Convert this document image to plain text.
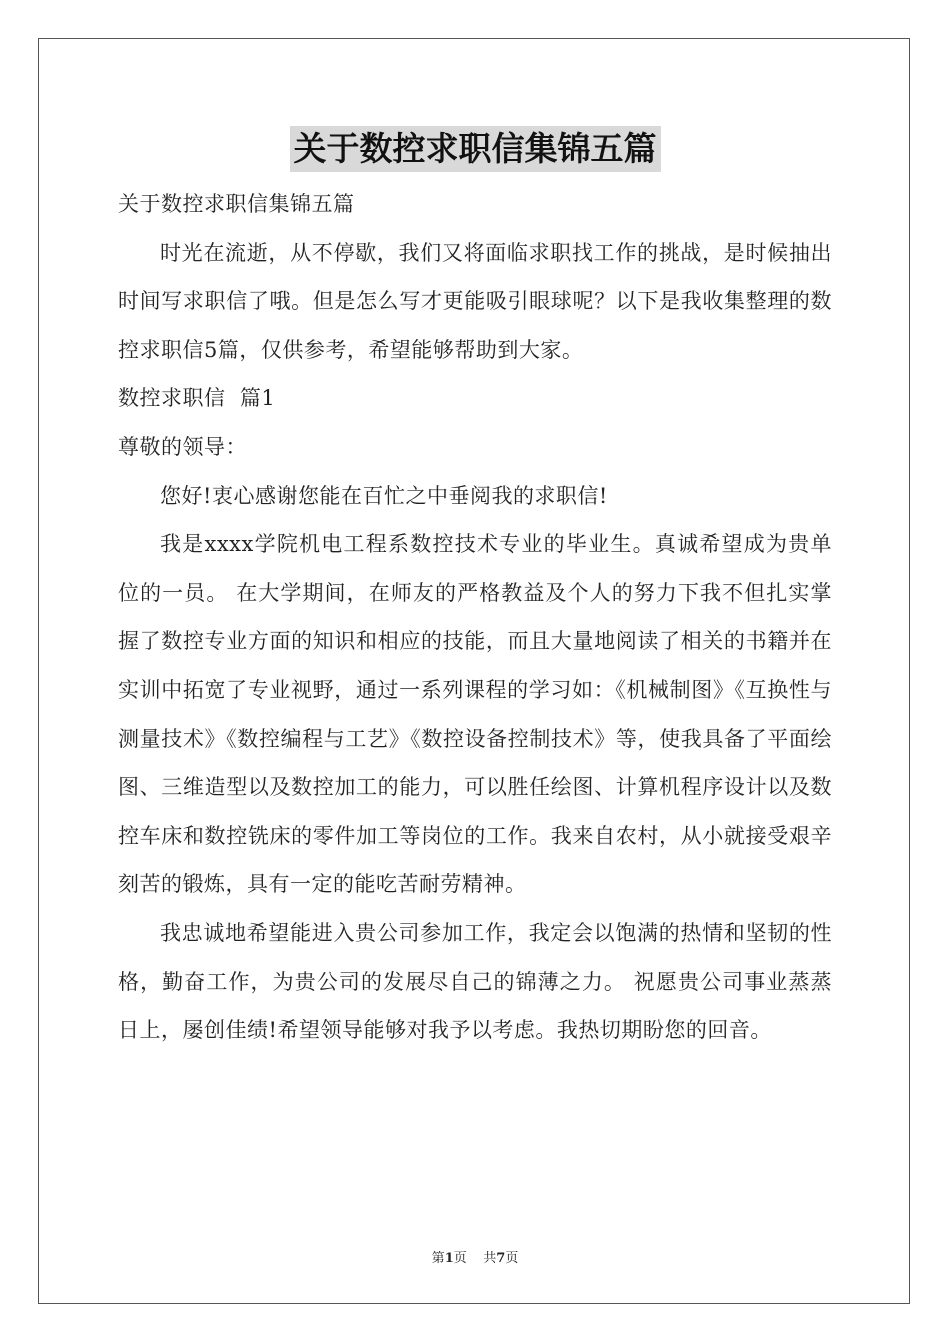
关于数控求职信集锦五篇

关于数控求职信集锦五篇

时光在流逝，从不停歇，我们又将面临求职找工作的挑战，是时候抽出时间写求职信了哦。但是怎么写才更能吸引眼球呢？以下是我收集整理的数控求职信5篇，仅供参考，希望能够帮助到大家。

数控求职信  篇1

尊敬的领导：

您好!衷心感谢您能在百忙之中垂阅我的求职信!

我是xxxx学院机电工程系数控技术专业的毕业生。真诚希望成为贵单位的一员。 在大学期间，在师友的严格教益及个人的努力下我不但扎实掌握了数控专业方面的知识和相应的技能，而且大量地阅读了相关的书籍并在实训中拓宽了专业视野，通过一系列课程的学习如：《机械制图》《互换性与测量技术》《数控编程与工艺》《数控设备控制技术》等，使我具备了平面绘图、三维造型以及数控加工的能力，可以胜任绘图、计算机程序设计以及数控车床和数控铣床的零件加工等岗位的工作。我来自农村，从小就接受艰辛刻苦的锻炼，具有一定的能吃苦耐劳精神。

我忠诚地希望能进入贵公司参加工作，我定会以饱满的热情和坚韧的性格，勤奋工作，为贵公司的发展尽自己的锦薄之力。 祝愿贵公司事业蒸蒸日上，屡创佳绩!希望领导能够对我予以考虑。我热切期盼您的回音。

第1页    共7页
